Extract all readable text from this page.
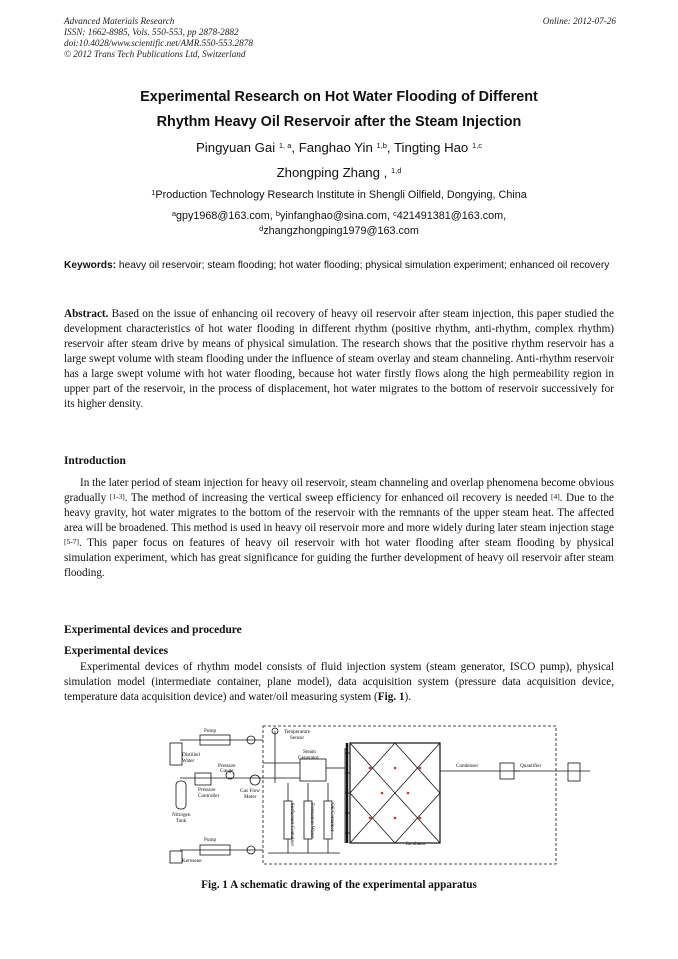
Advanced Materials Research
ISSN: 1662-8985, Vols. 550-553, pp 2878-2882
doi:10.4028/www.scientific.net/AMR.550-553.2878
© 2012 Trans Tech Publications Ltd, Switzerland
Online: 2012-07-26
Experimental Research on Hot Water Flooding of Different
Rhythm Heavy Oil Reservoir after the Steam Injection
Pingyuan Gai $^{1, a}$, Fanghao Yin $^{1,b}$, Tingting Hao $^{1,c}$
Zhongping Zhang , $^{1,d}$
$^1$Production Technology Research Institute in Shengli Oilfield, Dongying, China
$^a$gpy1968@163.com, $^b$yinfanghao@sina.com, $^c$421491381@163.com,
$^d$zhangzhongping1979@163.com
Keywords: heavy oil reservoir; steam flooding; hot water flooding; physical simulation experiment; enhanced oil recovery
Abstract. Based on the issue of enhancing oil recovery of heavy oil reservoir after steam injection, this paper studied the development characteristics of hot water flooding in different rhythm (positive rhythm, anti-rhythm, complex rhythm) reservoir after steam drive by means of physical simulation. The research shows that the positive rhythm reservoir has a large swept volume with steam flooding under the influence of steam overlay and steam channeling. Anti-rhythm reservoir has a large swept volume with hot water flooding, because hot water firstly flows along the high permeability region in upper part of the reservoir, in the process of displacement, hot water migrates to the bottom of reservoir successively for its higher density.
Introduction
In the later period of steam injection for heavy oil reservoir, steam channeling and overlap phenomena become obvious gradually [1-3]. The method of increasing the vertical sweep efficiency for enhanced oil recovery is needed [4]. Due to the heavy gravity, hot water migrates to the bottom of the reservoir with the remnants of the upper steam heat. The affected area will be broadened. This method is used in heavy oil reservoir more and more widely during later steam injection stage [5-7]. This paper focus on features of heavy oil reservoir with hot water flooding after steam flooding by physical simulation experiment, which has great significance for guiding the further development of heavy oil reservoir after steam flooding.
Experimental devices and procedure
Experimental devices
Experimental devices of rhythm model consists of fluid injection system (steam generator, ISCO pump), physical simulation model (intermediate container, plane model), data acquisition system (pressure data acquisition device, temperature data acquisition device) and water/oil measuring system (Fig. 1).
Pump
Distilled
Water
Pressure
Gauge
Pressure
Controller
Gas Flow
Meter
Nitrogen
Tank
Temperature
Sensor
Steam
Generator
Surfactant Container	Formation Water	Oil Container
Condenser	Quantifier
Incubator
Pump
Kerosene
Fig. 1 A schematic drawing of the experimental apparatus
